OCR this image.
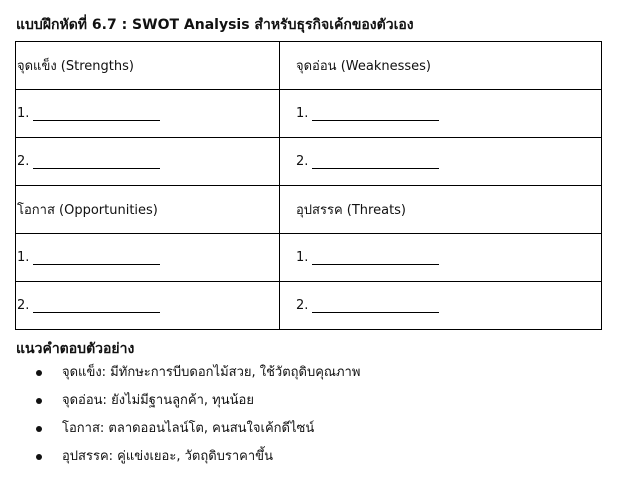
แบบฝึกหัดที่ 6.7 : SWOT Analysis สำหรับธุรกิจเค้กของตัวเอง
จุดแข็ง (Strengths)	จุดอ่อน (Weaknesses)
1.	1.
2.	2.
โอกาส (Opportunities)	อุปสรรค (Threats)
1.	1.
2.	2.
แนวคำตอบตัวอย่าง
จุดแข็ง: มีทักษะการบีบดอกไม้สวย, ใช้วัตถุดิบคุณภาพ
จุดอ่อน: ยังไม่มีฐานลูกค้า, ทุนน้อย
โอกาส: ตลาดออนไลน์โต, คนสนใจเค้กดีไซน์
อุปสรรค: คู่แข่งเยอะ, วัตถุดิบราคาขึ้น
